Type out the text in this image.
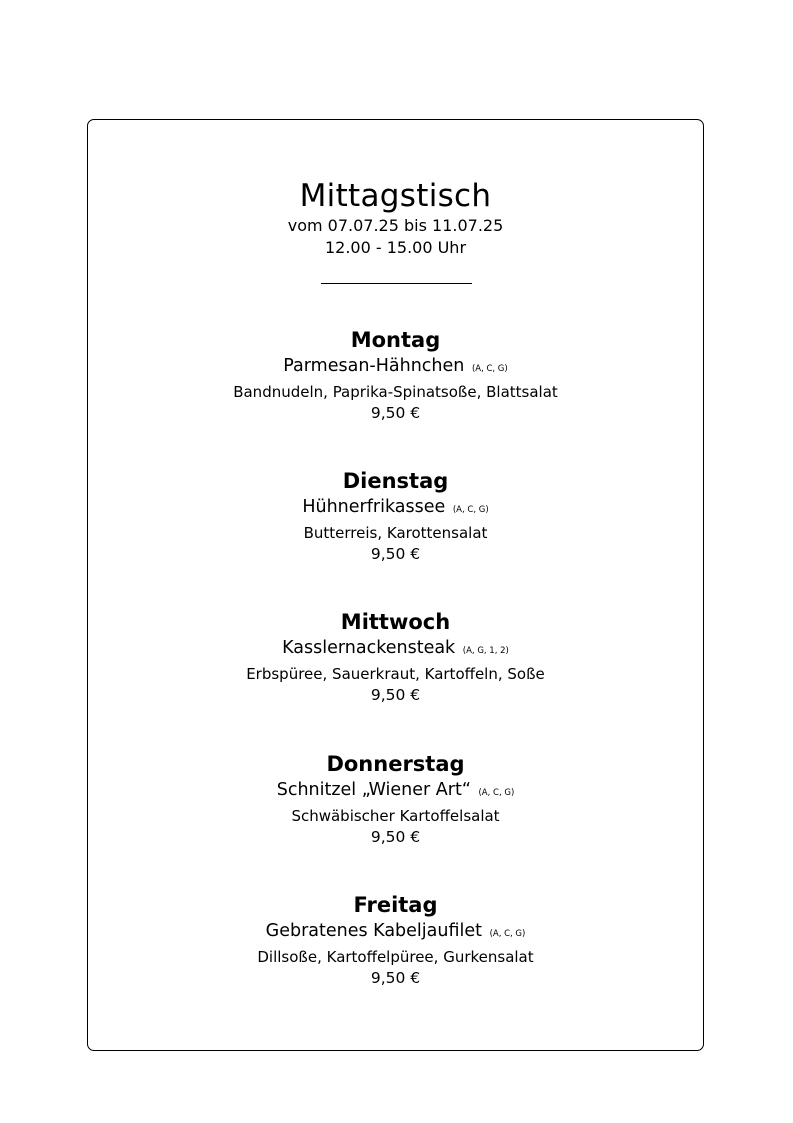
Mittagstisch
vom 07.07.25 bis 11.07.25
12.00 - 15.00 Uhr
Montag
Parmesan-Hähnchen (A, C, G)
Bandnudeln, Paprika-Spinatsoße, Blattsalat
9,50 €
Dienstag
Hühnerfrikassee (A, C, G)
Butterreis, Karottensalat
9,50 €
Mittwoch
Kasslernackensteak (A, G, 1, 2)
Erbspüree, Sauerkraut, Kartoffeln, Soße
9,50 €
Donnerstag
Schnitzel „Wiener Art“ (A, C, G)
Schwäbischer Kartoffelsalat
9,50 €
Freitag
Gebratenes Kabeljaufilet (A, C, G)
Dillsoße, Kartoffelpüree, Gurkensalat
9,50 €
